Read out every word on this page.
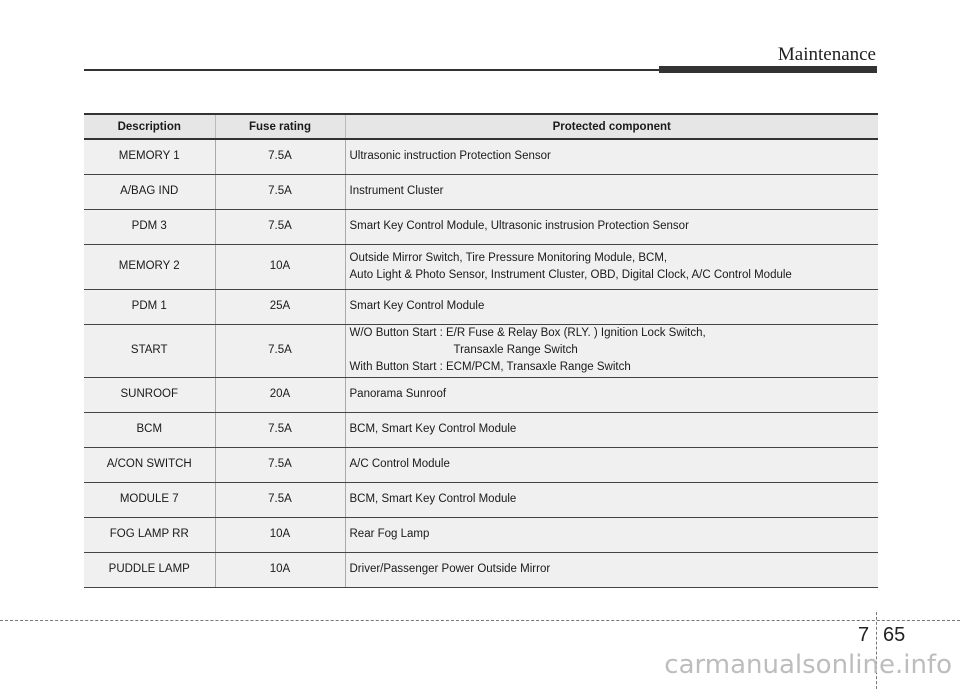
Maintenance
Description	Fuse rating	Protected component
MEMORY 1	7.5A	Ultrasonic instruction Protection Sensor

A/BAG IND	7.5A	Instrument Cluster

PDM 3	7.5A	Smart Key Control Module, Ultrasonic instrusion Protection Sensor

MEMORY 2	10A	Outside Mirror Switch, Tire Pressure Monitoring Module, BCM,
Auto Light & Photo Sensor, Instrument Cluster, OBD, Digital Clock, A/C Control Module

PDM 1	25A	Smart Key Control Module

START	7.5A	W/O Button Start : E/R Fuse & Relay Box (RLY. ) Ignition Lock Switch,
Transaxle Range Switch
With Button Start : ECM/PCM, Transaxle Range Switch

SUNROOF	20A	Panorama Sunroof

BCM	7.5A	BCM, Smart Key Control Module

A/CON SWITCH	7.5A	A/C Control Module

MODULE 7	7.5A	BCM, Smart Key Control Module

FOG LAMP RR	10A	Rear Fog Lamp

PUDDLE LAMP	10A	Driver/Passenger Power Outside Mirror
7 65
carmanualsonline.info
